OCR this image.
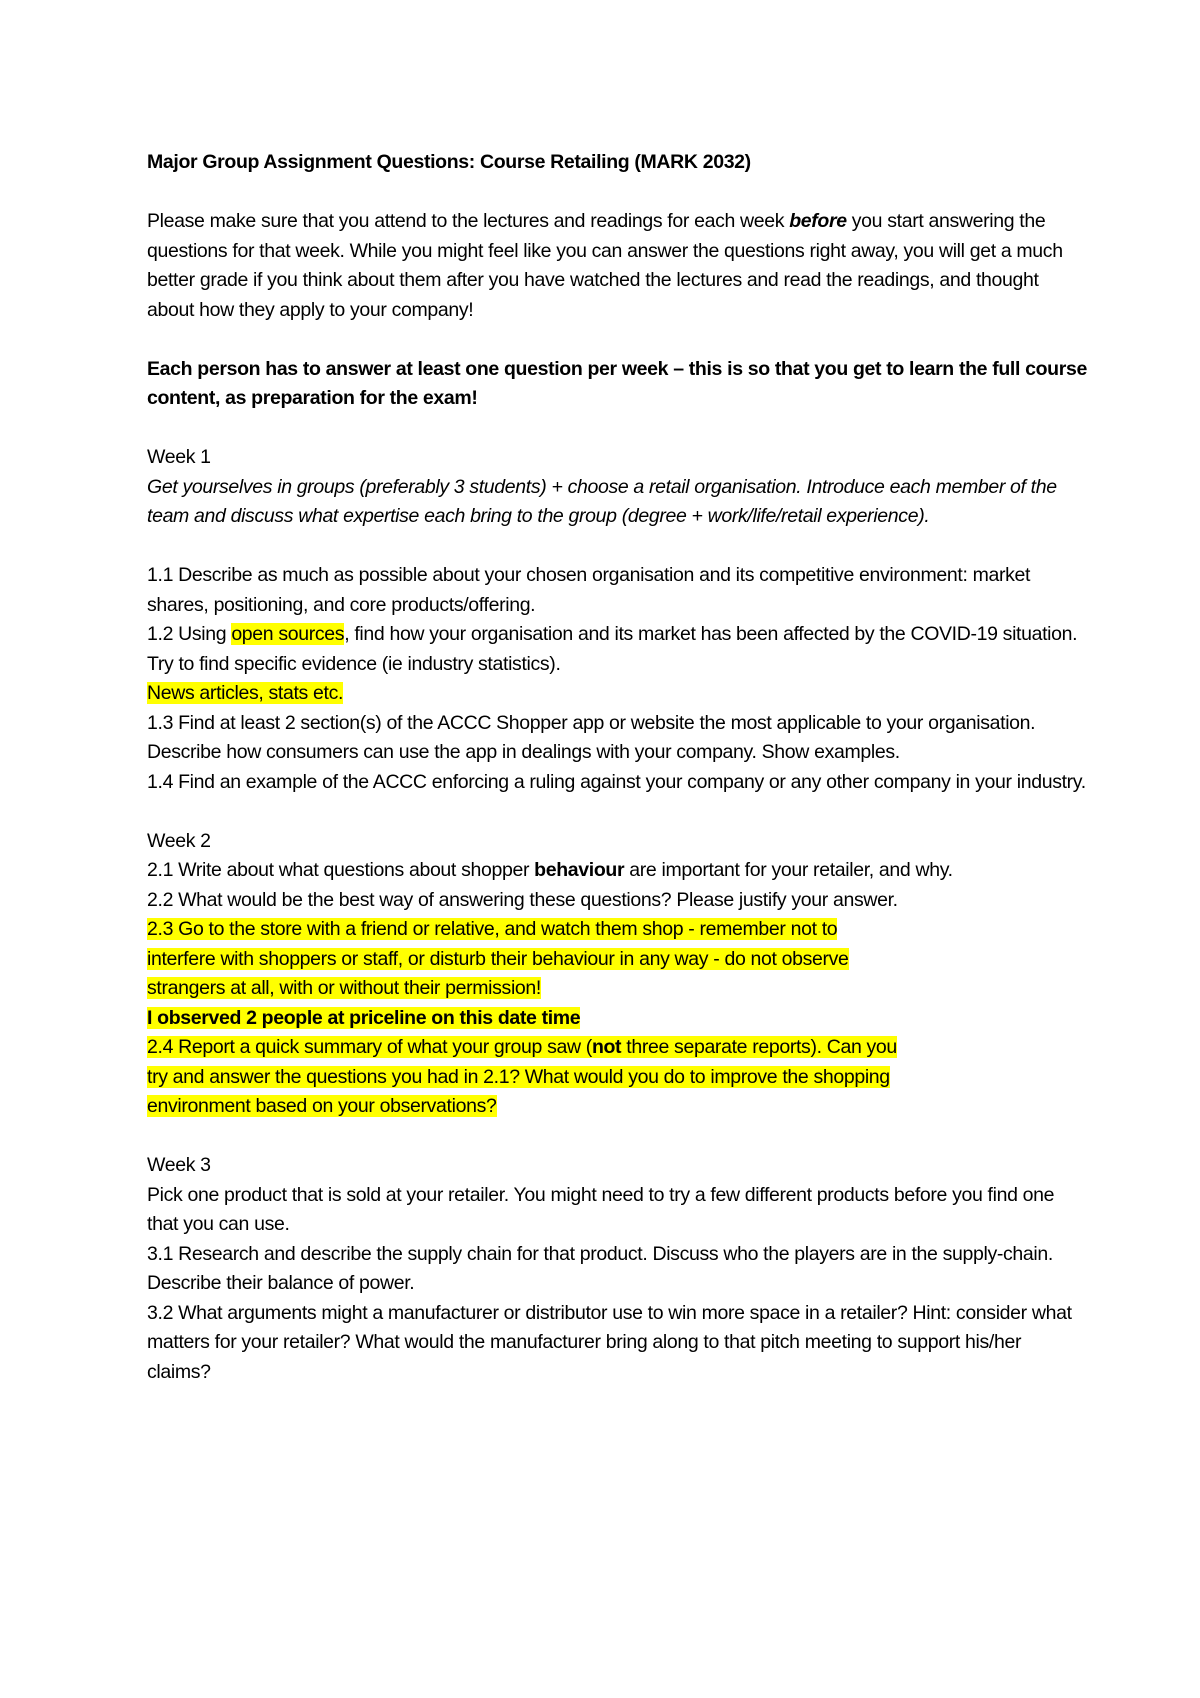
Major Group Assignment Questions: Course Retailing (MARK 2032)

Please make sure that you attend to the lectures and readings for each week before you start answering the questions for that week. While you might feel like you can answer the questions right away, you will get a much better grade if you think about them after you have watched the lectures and read the readings, and thought about how they apply to your company!

Each person has to answer at least one question per week – this is so that you get to learn the full course content, as preparation for the exam!

Week 1

Get yourselves in groups (preferably 3 students) + choose a retail organisation. Introduce each member of the team and discuss what expertise each bring to the group (degree + work/life/retail experience).

1.1 Describe as much as possible about your chosen organisation and its competitive environment: market shares, positioning, and core products/offering.

1.2 Using open sources, find how your organisation and its market has been affected by the COVID-19 situation. Try to find specific evidence (ie industry statistics).

News articles, stats etc.

1.3 Find at least 2 section(s) of the ACCC Shopper app or website the most applicable to your organisation. Describe how consumers can use the app in dealings with your company. Show examples.

1.4 Find an example of the ACCC enforcing a ruling against your company or any other company in your industry.

Week 2

2.1 Write about what questions about shopper behaviour are important for your retailer, and why.

2.2 What would be the best way of answering these questions? Please justify your answer.

2.3 Go to the store with a friend or relative, and watch them shop - remember not to
interfere with shoppers or staff, or disturb their behaviour in any way - do not observe
strangers at all, with or without their permission!
I observed 2 people at priceline on this date time
2.4 Report a quick summary of what your group saw (not three separate reports). Can you
try and answer the questions you had in 2.1? What would you do to improve the shopping
environment based on your observations?

Week 3

Pick one product that is sold at your retailer. You might need to try a few different products before you find one that you can use.

3.1 Research and describe the supply chain for that product. Discuss who the players are in the supply-chain. Describe their balance of power.

3.2 What arguments might a manufacturer or distributor use to win more space in a retailer? Hint: consider what matters for your retailer? What would the manufacturer bring along to that pitch meeting to support his/her claims?
